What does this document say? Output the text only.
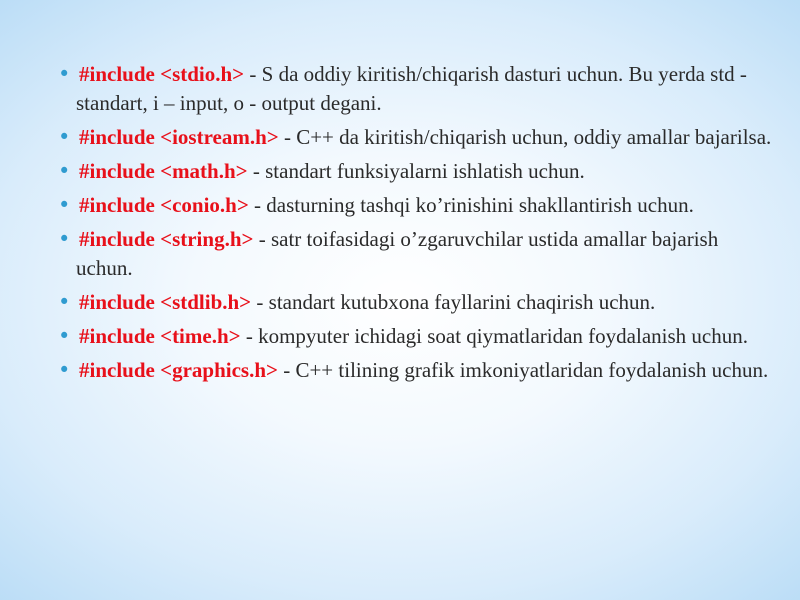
• #include <stdio.h> - S da oddiy kiritish/chiqarish dasturi uchun. Bu yerda std - standart, i – input, o - output degani.
• #include <iostream.h> - C++ da kiritish/chiqarish uchun, oddiy amallar bajarilsa.
• #include <math.h> - standart funksiyalarni ishlatish uchun.
• #include <conio.h> - dasturning tashqi ko’rinishini shakllantirish uchun.
• #include <string.h> - satr toifasidagi o’zgaruvchilar ustida amallar bajarish uchun.
• #include <stdlib.h> - standart kutubxona fayllarini chaqirish uchun.
• #include <time.h> - kompyuter ichidagi soat qiymatlaridan foydalanish uchun.
• #include <graphics.h> - C++ tilining grafik imkoniyatlaridan foydalanish uchun.
